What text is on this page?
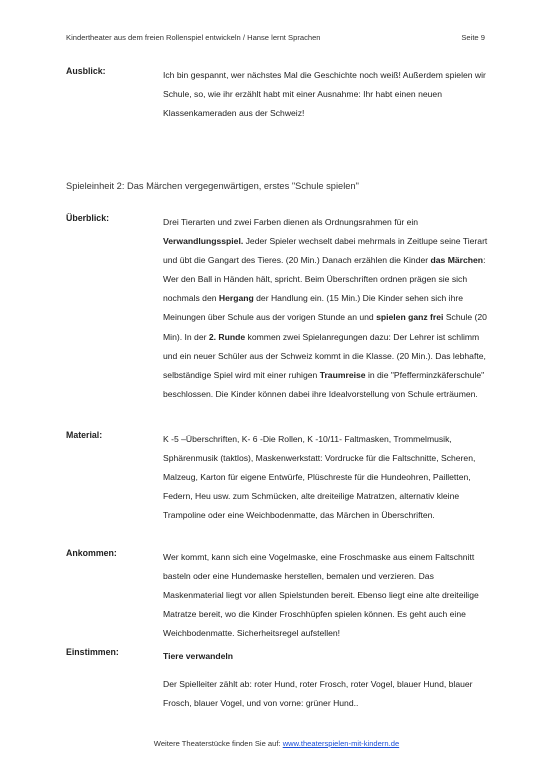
Kindertheater aus dem freien Rollenspiel entwickeln / Hanse lernt Sprachen	Seite 9
Ausblick:	Ich bin gespannt, wer nächstes Mal die Geschichte noch weiß! Außerdem spielen wir Schule, so, wie ihr erzählt habt mit einer Ausnahme: Ihr habt einen neuen Klassenkameraden aus der Schweiz!

Spieleinheit 2: Das Märchen vergegenwärtigen, erstes "Schule spielen"
Überblick:	Drei Tierarten und zwei Farben dienen als Ordnungsrahmen für ein Verwandlungsspiel. Jeder Spieler wechselt dabei mehrmals in Zeitlupe seine Tierart und übt die Gangart des Tieres. (20 Min.) Danach erzählen die Kinder das Märchen: Wer den Ball in Händen hält, spricht. Beim Überschriften ordnen prägen sie sich nochmals den Hergang der Handlung ein. (15 Min.) Die Kinder sehen sich ihre Meinungen über Schule aus der vorigen Stunde an und spielen ganz frei Schule (20 Min). In der 2. Runde kommen zwei Spielanregungen dazu: Der Lehrer ist schlimm und ein neuer Schüler aus der Schweiz kommt in die Klasse. (20 Min.). Das lebhafte, selbständige Spiel wird mit einer ruhigen Traumreise in die "Pfefferminzkäferschule" beschlossen. Die Kinder können dabei ihre Idealvorstellung von Schule erträumen.

Material:	K -5 –Überschriften, K- 6 -Die Rollen, K -10/11- Faltmasken, Trommelmusik, Sphärenmusik (taktlos), Maskenwerkstatt: Vordrucke für die Faltschnitte, Scheren, Malzeug, Karton für eigene Entwürfe, Plüschreste für die Hundeohren, Pailletten, Federn, Heu usw. zum Schmücken, alte dreiteilige Matratzen, alternativ kleine Trampoline oder eine Weichbodenmatte, das Märchen in Überschriften.

Ankommen:	Wer kommt, kann sich eine Vogelmaske, eine Froschmaske aus einem Faltschnitt basteln oder eine Hundemaske herstellen, bemalen und verzieren. Das Maskenmaterial liegt vor allen Spielstunden bereit. Ebenso liegt eine alte dreiteilige Matratze bereit, wo die Kinder Froschhüpfen spielen können. Es geht auch eine Weichbodenmatte. Sicherheitsregel aufstellen!

Einstimmen:	Tiere verwandeln

Der Spielleiter zählt ab: roter Hund, roter Frosch, roter Vogel, blauer Hund, blauer Frosch, blauer Vogel, und von vorne: grüner Hund..

Weitere Theaterstücke finden Sie auf: www.theaterspielen-mit-kindern.de
